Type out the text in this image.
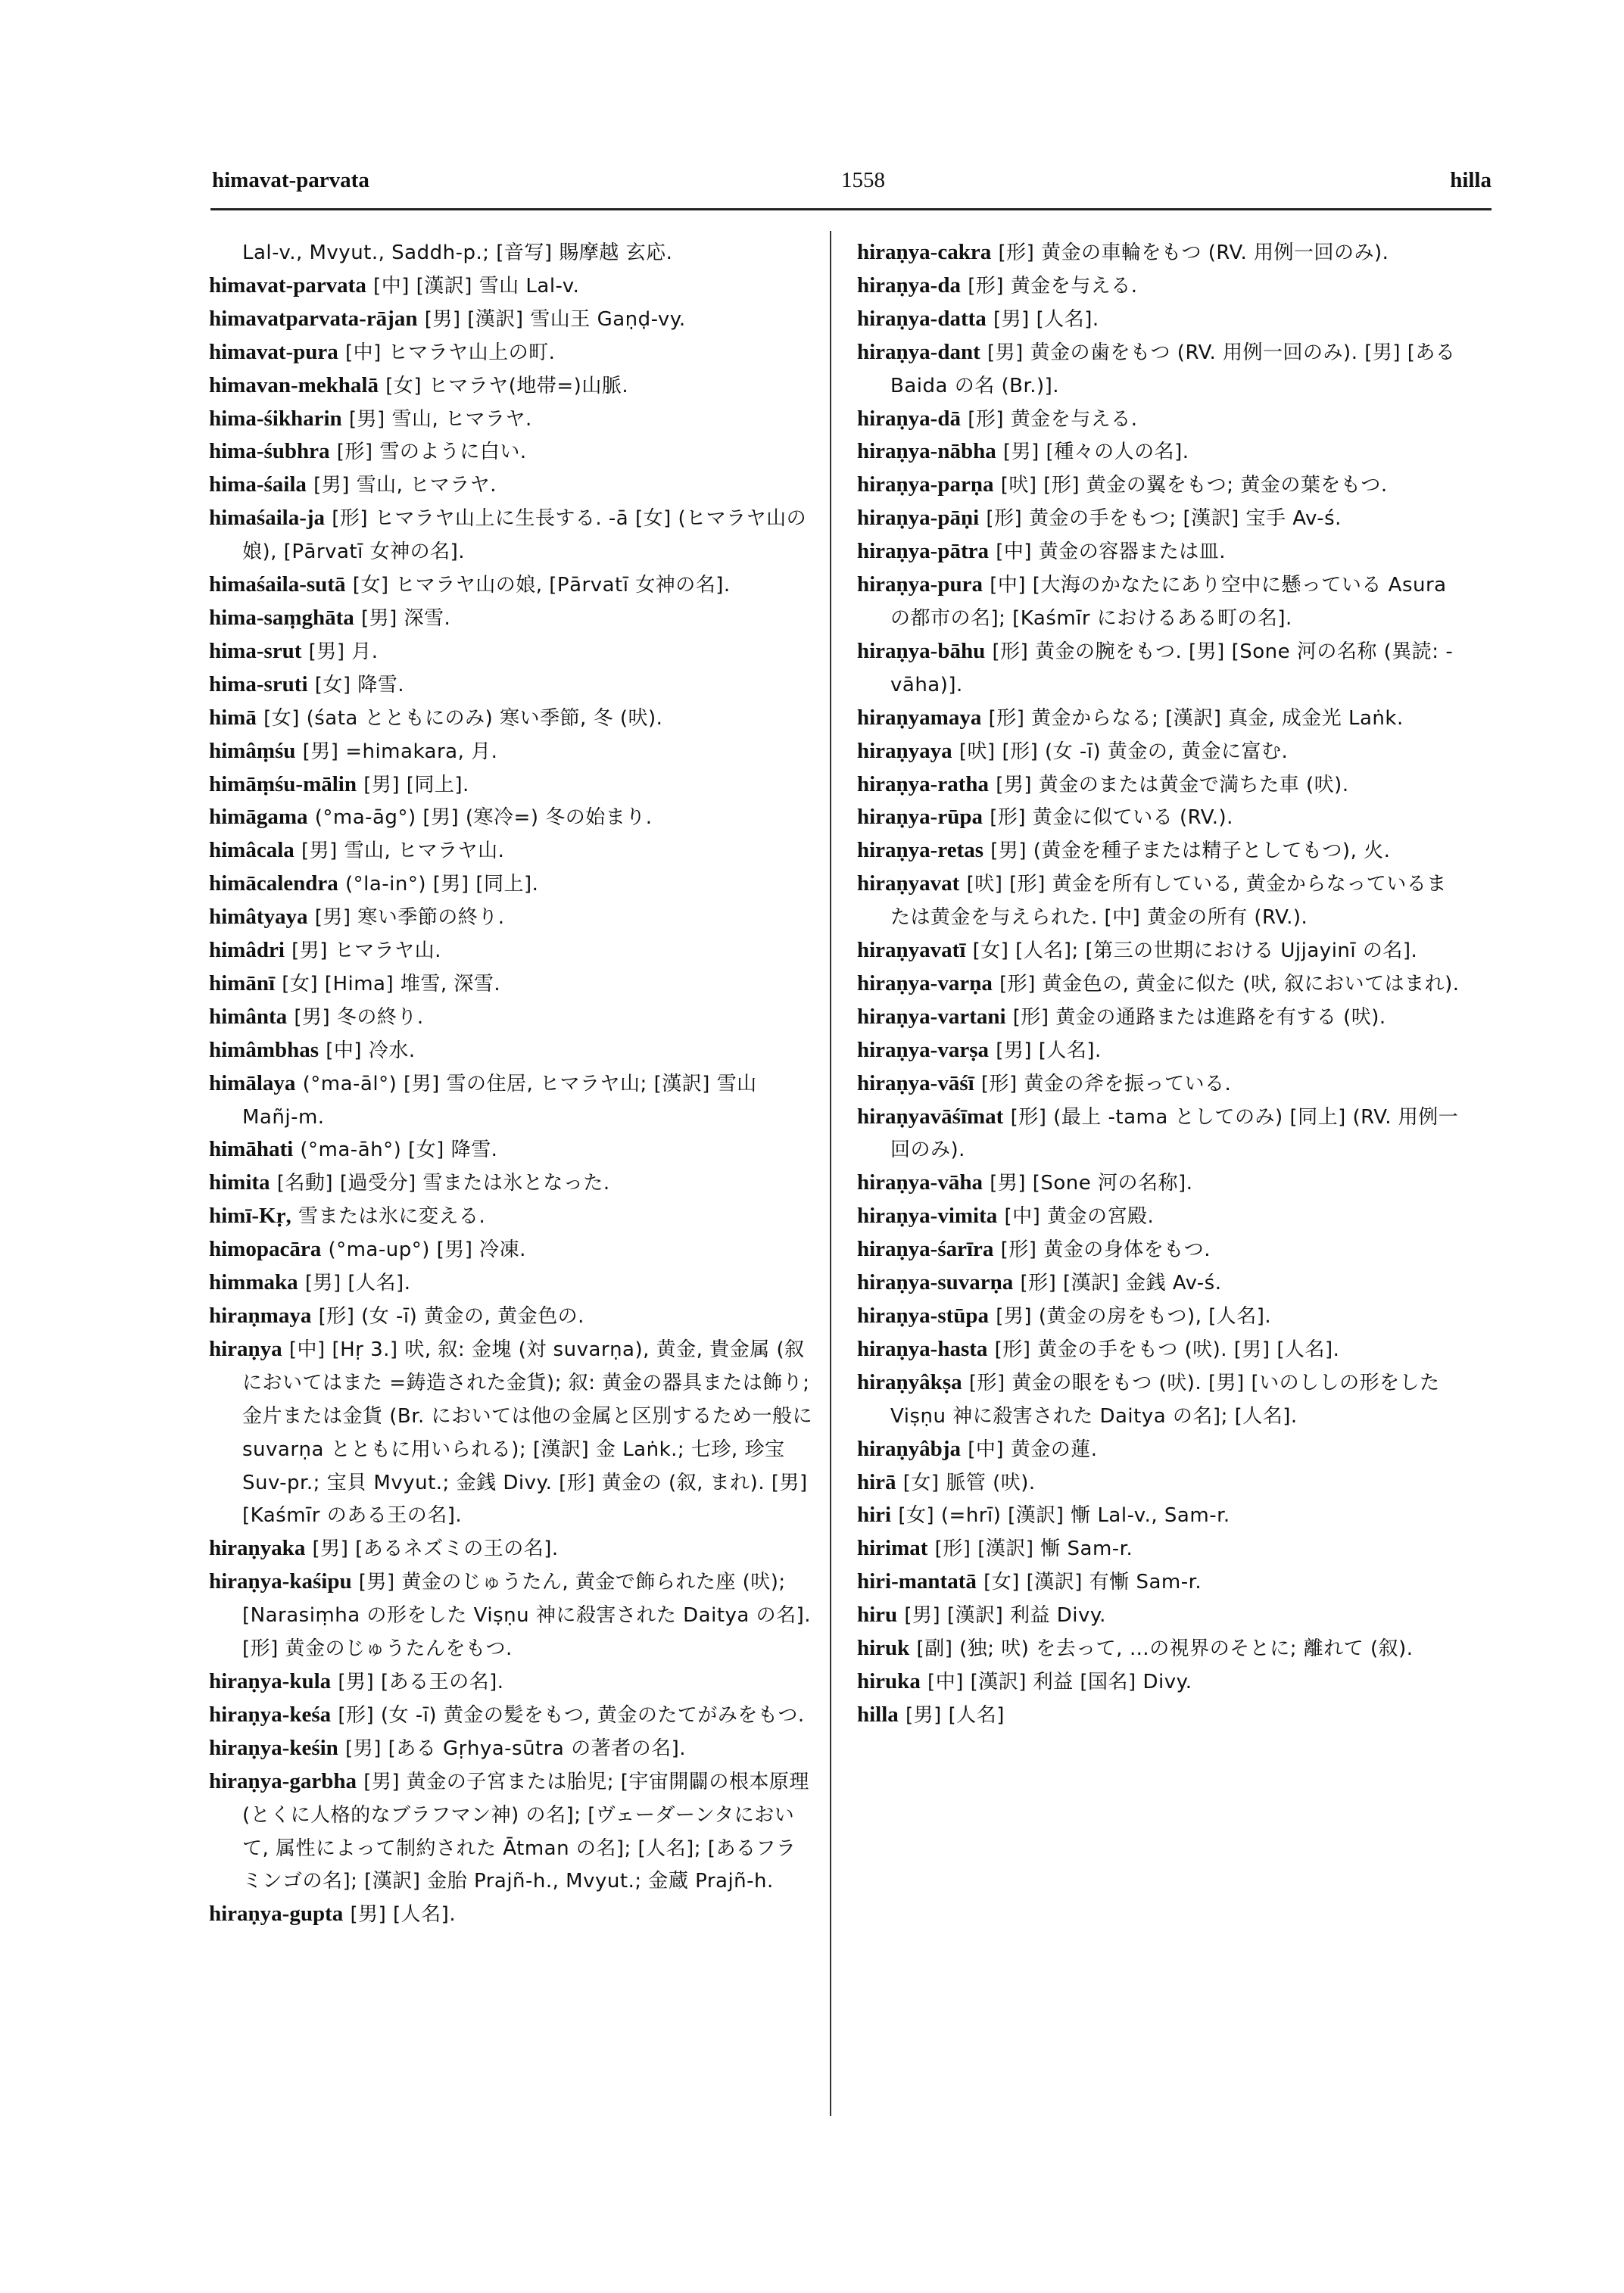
himavat-parvata	1558	hilla

Lal-v., Mvyut., Saddh-p.; [音写] 賜摩越 玄応.

himavat-parvata [中] [漢訳] 雪山 Lal-v.

himavatparvata-rājan [男] [漢訳] 雪山王 Gaṇḍ-vy.

himavat-pura [中] ヒマラヤ山上の町.

himavan-mekhalā [女] ヒマラヤ(地帯=)山脈.

hima-śikharin [男] 雪山, ヒマラヤ.

hima-śubhra [形] 雪のように白い.

hima-śaila [男] 雪山, ヒマラヤ.

himaśaila-ja [形] ヒマラヤ山上に生長する. -ā [女] (ヒマラヤ山の娘), [Pārvatī 女神の名].

himaśaila-sutā [女] ヒマラヤ山の娘, [Pārvatī 女神の名].

hima-saṃghāta [男] 深雪.

hima-srut [男] 月.

hima-sruti [女] 降雪.

himā [女] (śata とともにのみ) 寒い季節, 冬 (吠).

himâṃśu [男] =himakara, 月.

himāṃśu-mālin [男] [同上].

himāgama (°ma-āg°) [男] (寒冷=) 冬の始まり.

himâcala [男] 雪山, ヒマラヤ山.

himācalendra (°la-in°) [男] [同上].

himâtyaya [男] 寒い季節の終り.

himâdri [男] ヒマラヤ山.

himānī [女] [Hima] 堆雪, 深雪.

himânta [男] 冬の終り.

himâmbhas [中] 冷水.

himālaya (°ma-āl°) [男] 雪の住居, ヒマラヤ山; [漢訳] 雪山 Mañj-m.

himāhati (°ma-āh°) [女] 降雪.

himita [名動] [過受分] 雪または氷となった.

himī-Kṛ, 雪または氷に変える.

himopacāra (°ma-up°) [男] 冷凍.

himmaka [男] [人名].

hiraṇmaya [形] (女 -ī) 黄金の, 黄金色の.

hiraṇya [中] [Hṛ 3.] 吠, 叙: 金塊 (対 suvarṇa), 黄金, 貴金属 (叙においてはまた =鋳造された金貨); 叙: 黄金の器具または飾り; 金片または金貨 (Br. においては他の金属と区別するため一般に suvarṇa とともに用いられる); [漢訳] 金 Laṅk.; 七珍, 珍宝 Suv-pr.; 宝貝 Mvyut.; 金銭 Divy. [形] 黄金の (叙, まれ). [男] [Kaśmīr のある王の名].

hiraṇyaka [男] [あるネズミの王の名].

hiraṇya-kaśipu [男] 黄金のじゅうたん, 黄金で飾られた座 (吠); [Narasiṃha の形をした Viṣṇu 神に殺害された Daitya の名]. [形] 黄金のじゅうたんをもつ.

hiraṇya-kula [男] [ある王の名].

hiraṇya-keśa [形] (女 -ī) 黄金の髪をもつ, 黄金のたてがみをもつ.

hiraṇya-keśin [男] [ある Gṛhya-sūtra の著者の名].

hiraṇya-garbha [男] 黄金の子宮または胎児; [宇宙開闢の根本原理 (とくに人格的なブラフマン神) の名]; [ヴェーダーンタにおいて, 属性によって制約された Ātman の名]; [人名]; [あるフラミンゴの名]; [漢訳] 金胎 Prajñ-h., Mvyut.; 金蔵 Prajñ-h.

hiraṇya-gupta [男] [人名].

hiraṇya-cakra [形] 黄金の車輪をもつ (RV. 用例一回のみ).

hiraṇya-da [形] 黄金を与える.

hiraṇya-datta [男] [人名].

hiraṇya-dant [男] 黄金の歯をもつ (RV. 用例一回のみ). [男] [ある Baida の名 (Br.)].

hiraṇya-dā [形] 黄金を与える.

hiraṇya-nābha [男] [種々の人の名].

hiraṇya-parṇa [吠] [形] 黄金の翼をもつ; 黄金の葉をもつ.

hiraṇya-pāṇi [形] 黄金の手をもつ; [漢訳] 宝手 Av-ś.

hiraṇya-pātra [中] 黄金の容器または皿.

hiraṇya-pura [中] [大海のかなたにあり空中に懸っている Asura の都市の名]; [Kaśmīr におけるある町の名].

hiraṇya-bāhu [形] 黄金の腕をもつ. [男] [Sone 河の名称 (異読: -vāha)].

hiraṇyamaya [形] 黄金からなる; [漢訳] 真金, 成金光 Laṅk.

hiraṇyaya [吠] [形] (女 -ī) 黄金の, 黄金に富む.

hiraṇya-ratha [男] 黄金のまたは黄金で満ちた車 (吠).

hiraṇya-rūpa [形] 黄金に似ている (RV.).

hiraṇya-retas [男] (黄金を種子または精子としてもつ), 火.

hiraṇyavat [吠] [形] 黄金を所有している, 黄金からなっているまたは黄金を与えられた. [中] 黄金の所有 (RV.).

hiraṇyavatī [女] [人名]; [第三の世期における Ujjayinī の名].

hiraṇya-varṇa [形] 黄金色の, 黄金に似た (吠, 叙においてはまれ).

hiraṇya-vartani [形] 黄金の通路または進路を有する (吠).

hiraṇya-varṣa [男] [人名].

hiraṇya-vāśī [形] 黄金の斧を振っている.

hiraṇyavāśīmat [形] (最上 -tama としてのみ) [同上] (RV. 用例一回のみ).

hiraṇya-vāha [男] [Sone 河の名称].

hiraṇya-vimita [中] 黄金の宮殿.

hiraṇya-śarīra [形] 黄金の身体をもつ.

hiraṇya-suvarṇa [形] [漢訳] 金銭 Av-ś.

hiraṇya-stūpa [男] (黄金の房をもつ), [人名].

hiraṇya-hasta [形] 黄金の手をもつ (吠). [男] [人名].

hiraṇyâkṣa [形] 黄金の眼をもつ (吠). [男] [いのししの形をした Viṣṇu 神に殺害された Daitya の名]; [人名].

hiraṇyâbja [中] 黄金の蓮.

hirā [女] 脈管 (吠).

hiri [女] (=hrī) [漢訳] 慚 Lal-v., Sam-r.

hirimat [形] [漢訳] 慚 Sam-r.

hiri-mantatā [女] [漢訳] 有慚 Sam-r.

hiru [男] [漢訳] 利益 Divy.

hiruk [副] (独; 吠) を去って, …の視界のそとに; 離れて (叙).

hiruka [中] [漢訳] 利益 [国名] Divy.

hilla [男] [人名]
